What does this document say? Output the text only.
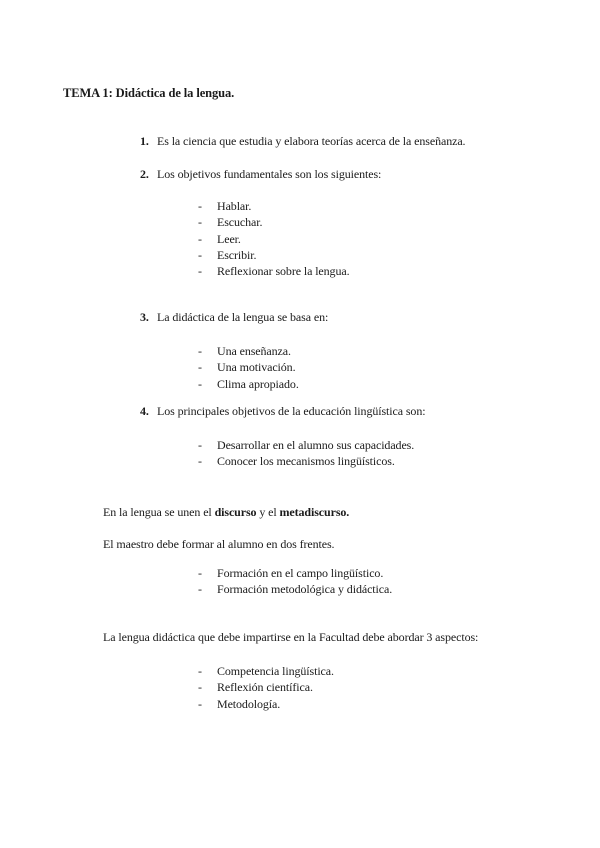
TEMA 1: Didáctica de la lengua.
1. Es la ciencia que estudia y elabora teorías acerca de la enseñanza.
2. Los objetivos fundamentales son los siguientes:
- Hablar.
- Escuchar.
- Leer.
- Escribir.
- Reflexionar sobre la lengua.
3. La didáctica de la lengua se basa en:
- Una enseñanza.
- Una motivación.
- Clima apropiado.
4. Los principales objetivos de la educación lingüística son:
- Desarrollar en el alumno sus capacidades.
- Conocer los mecanismos lingüísticos.

En la lengua se unen el discurso y el metadiscurso.

El maestro debe formar al alumno en dos frentes.

- Formación en el campo lingüístico.
- Formación metodológica y didáctica.

La lengua didáctica que debe impartirse en la Facultad debe abordar 3 aspectos:

- Competencia lingüística.
- Reflexión científica.
- Metodología.
